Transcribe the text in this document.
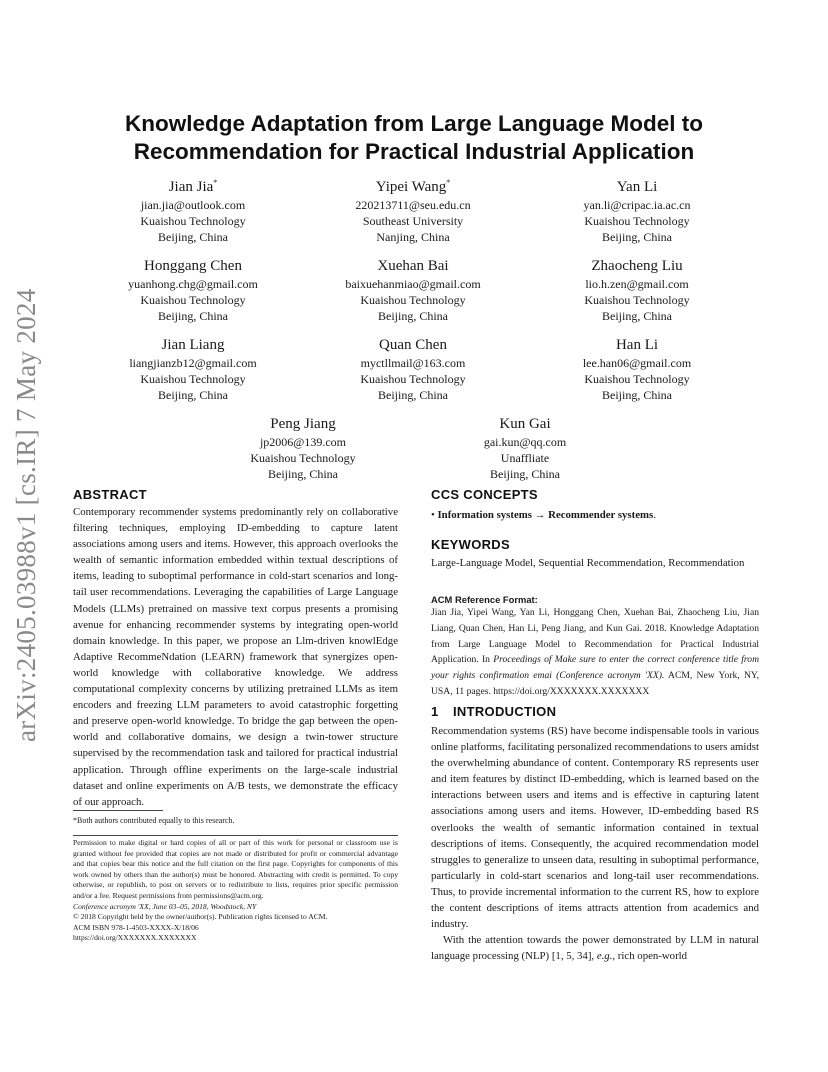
arXiv:2405.03988v1 [cs.IR] 7 May 2024
Knowledge Adaptation from Large Language Model to
Recommendation for Practical Industrial Application
Jian Jia*
jian.jia@outlook.com
Kuaishou Technology
Beijing, China
Yipei Wang*
220213711@seu.edu.cn
Southeast University
Nanjing, China
Yan Li
yan.li@cripac.ia.ac.cn
Kuaishou Technology
Beijing, China
Honggang Chen
yuanhong.chg@gmail.com
Kuaishou Technology
Beijing, China
Xuehan Bai
baixuehanmiao@gmail.com
Kuaishou Technology
Beijing, China
Zhaocheng Liu
lio.h.zen@gmail.com
Kuaishou Technology
Beijing, China
Jian Liang
liangjianzb12@gmail.com
Kuaishou Technology
Beijing, China
Quan Chen
myctllmail@163.com
Kuaishou Technology
Beijing, China
Han Li
lee.han06@gmail.com
Kuaishou Technology
Beijing, China
Peng Jiang
jp2006@139.com
Kuaishou Technology
Beijing, China
Kun Gai
gai.kun@qq.com
Unaffliate
Beijing, China
ABSTRACT
Contemporary recommender systems predominantly rely on collaborative filtering techniques, employing ID-embedding to capture latent associations among users and items. However, this approach overlooks the wealth of semantic information embedded within textual descriptions of items, leading to suboptimal performance in cold-start scenarios and long-tail user recommendations. Leveraging the capabilities of Large Language Models (LLMs) pretrained on massive text corpus presents a promising avenue for enhancing recommender systems by integrating open-world domain knowledge. In this paper, we propose an Llm-driven knowlEdge Adaptive RecommeNdation (LEARN) framework that synergizes open-world knowledge with collaborative knowledge. We address computational complexity concerns by utilizing pretrained LLMs as item encoders and freezing LLM parameters to avoid catastrophic forgetting and preserve open-world knowledge. To bridge the gap between the open-world and collaborative domains, we design a twin-tower structure supervised by the recommendation task and tailored for practical industrial application. Through offline experiments on the large-scale industrial dataset and online experiments on A/B tests, we demonstrate the efficacy of our approach.
*Both authors contributed equally to this research.
Permission to make digital or hard copies of all or part of this work for personal or classroom use is granted without fee provided that copies are not made or distributed for profit or commercial advantage and that copies bear this notice and the full citation on the first page. Copyrights for components of this work owned by others than the author(s) must be honored. Abstracting with credit is permitted. To copy otherwise, or republish, to post on servers or to redistribute to lists, requires prior specific permission and/or a fee. Request permissions from permissions@acm.org.
Conference acronym 'XX, June 03–05, 2018, Woodstock, NY
© 2018 Copyright held by the owner/author(s). Publication rights licensed to ACM.
ACM ISBN 978-1-4503-XXXX-X/18/06
https://doi.org/XXXXXXX.XXXXXXX
CCS CONCEPTS
• Information systems → Recommender systems.
KEYWORDS
Large-Language Model, Sequential Recommendation, Recommendation
ACM Reference Format:
Jian Jia, Yipei Wang, Yan Li, Honggang Chen, Xuehan Bai, Zhaocheng Liu, Jian Liang, Quan Chen, Han Li, Peng Jiang, and Kun Gai. 2018. Knowledge Adaptation from Large Language Model to Recommendation for Practical Industrial Application. In Proceedings of Make sure to enter the correct conference title from your rights confirmation emai (Conference acronym 'XX). ACM, New York, NY, USA, 11 pages. https://doi.org/XXXXXXX.XXXXXXX
1 INTRODUCTION

Recommendation systems (RS) have become indispensable tools in various online platforms, facilitating personalized recommendations to users amidst the overwhelming abundance of content. Contemporary RS represents user and item features by distinct ID-embedding, which is learned based on the interactions between users and items and is effective in capturing latent associations among users and items. However, ID-embedding based RS overlooks the wealth of semantic information contained in textual descriptions of items. Consequently, the acquired recommendation model struggles to generalize to unseen data, resulting in suboptimal performance, particularly in cold-start scenarios and long-tail user recommendations. Thus, to provide incremental information to the current RS, how to explore the content descriptions of items attracts attention from academics and industry.

With the attention towards the power demonstrated by LLM in natural language processing (NLP) [1, 5, 34], e.g., rich open-world
